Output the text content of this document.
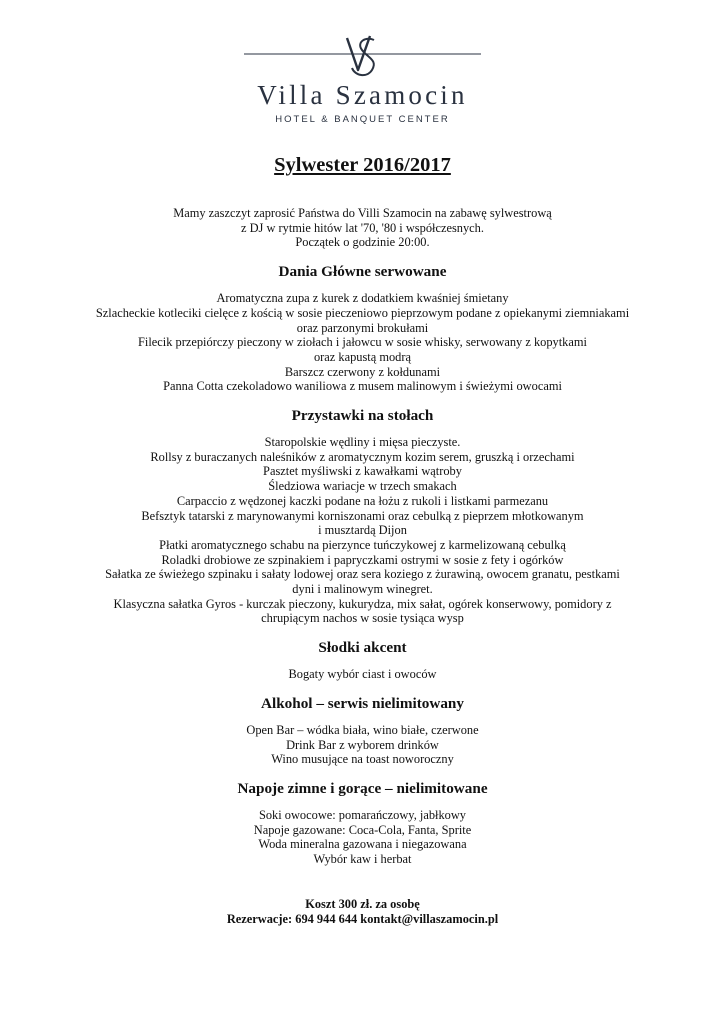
Villa Szamocin
HOTEL & BANQUET CENTER
Sylwester 2016/2017
Mamy zaszczyt zaprosić Państwa do Villi Szamocin na zabawę sylwestrową
z DJ w rytmie hitów lat '70, '80 i współczesnych.
Początek o godzinie 20:00.
Dania Główne serwowane
Aromatyczna zupa z kurek z dodatkiem kwaśniej śmietany
Szlacheckie kotleciki cielęce z kością w sosie pieczeniowo pieprzowym podane z opiekanymi ziemniakami
oraz parzonymi brokułami
Filecik przepiórczy pieczony w ziołach i jałowcu w sosie whisky, serwowany z kopytkami
oraz kapustą modrą
Barszcz czerwony z kołdunami
Panna Cotta czekoladowo waniliowa z musem malinowym i świeżymi owocami
Przystawki na stołach
Staropolskie wędliny i mięsa pieczyste.
Rollsy z buraczanych naleśników z aromatycznym kozim serem, gruszką i orzechami
Pasztet myśliwski z kawałkami wątroby
Śledziowa wariacje w trzech smakach
Carpaccio z wędzonej kaczki podane na łożu z rukoli i listkami parmezanu
Befsztyk tatarski z marynowanymi korniszonami oraz cebulką z pieprzem młotkowanym
i musztardą Dijon
Płatki aromatycznego schabu na pierzynce tuńczykowej z karmelizowaną cebulką
Roladki drobiowe ze szpinakiem i papryczkami ostrymi w sosie z fety i ogórków
Sałatka ze świeżego szpinaku i sałaty lodowej oraz sera koziego z żurawiną, owocem granatu, pestkami
dyni i malinowym winegret.
Klasyczna sałatka Gyros - kurczak pieczony, kukurydza, mix sałat, ogórek konserwowy, pomidory z
chrupiącym nachos w sosie tysiąca wysp
Słodki akcent
Bogaty wybór ciast i owoców
Alkohol – serwis nielimitowany
Open Bar – wódka biała, wino białe, czerwone
Drink Bar z wyborem drinków
Wino musujące na toast noworoczny
Napoje zimne i gorące – nielimitowane
Soki owocowe: pomarańczowy, jabłkowy
Napoje gazowane: Coca-Cola, Fanta, Sprite
Woda mineralna gazowana i niegazowana
Wybór kaw i herbat
Koszt 300 zł. za osobę
Rezerwacje: 694 944 644 kontakt@villaszamocin.pl
